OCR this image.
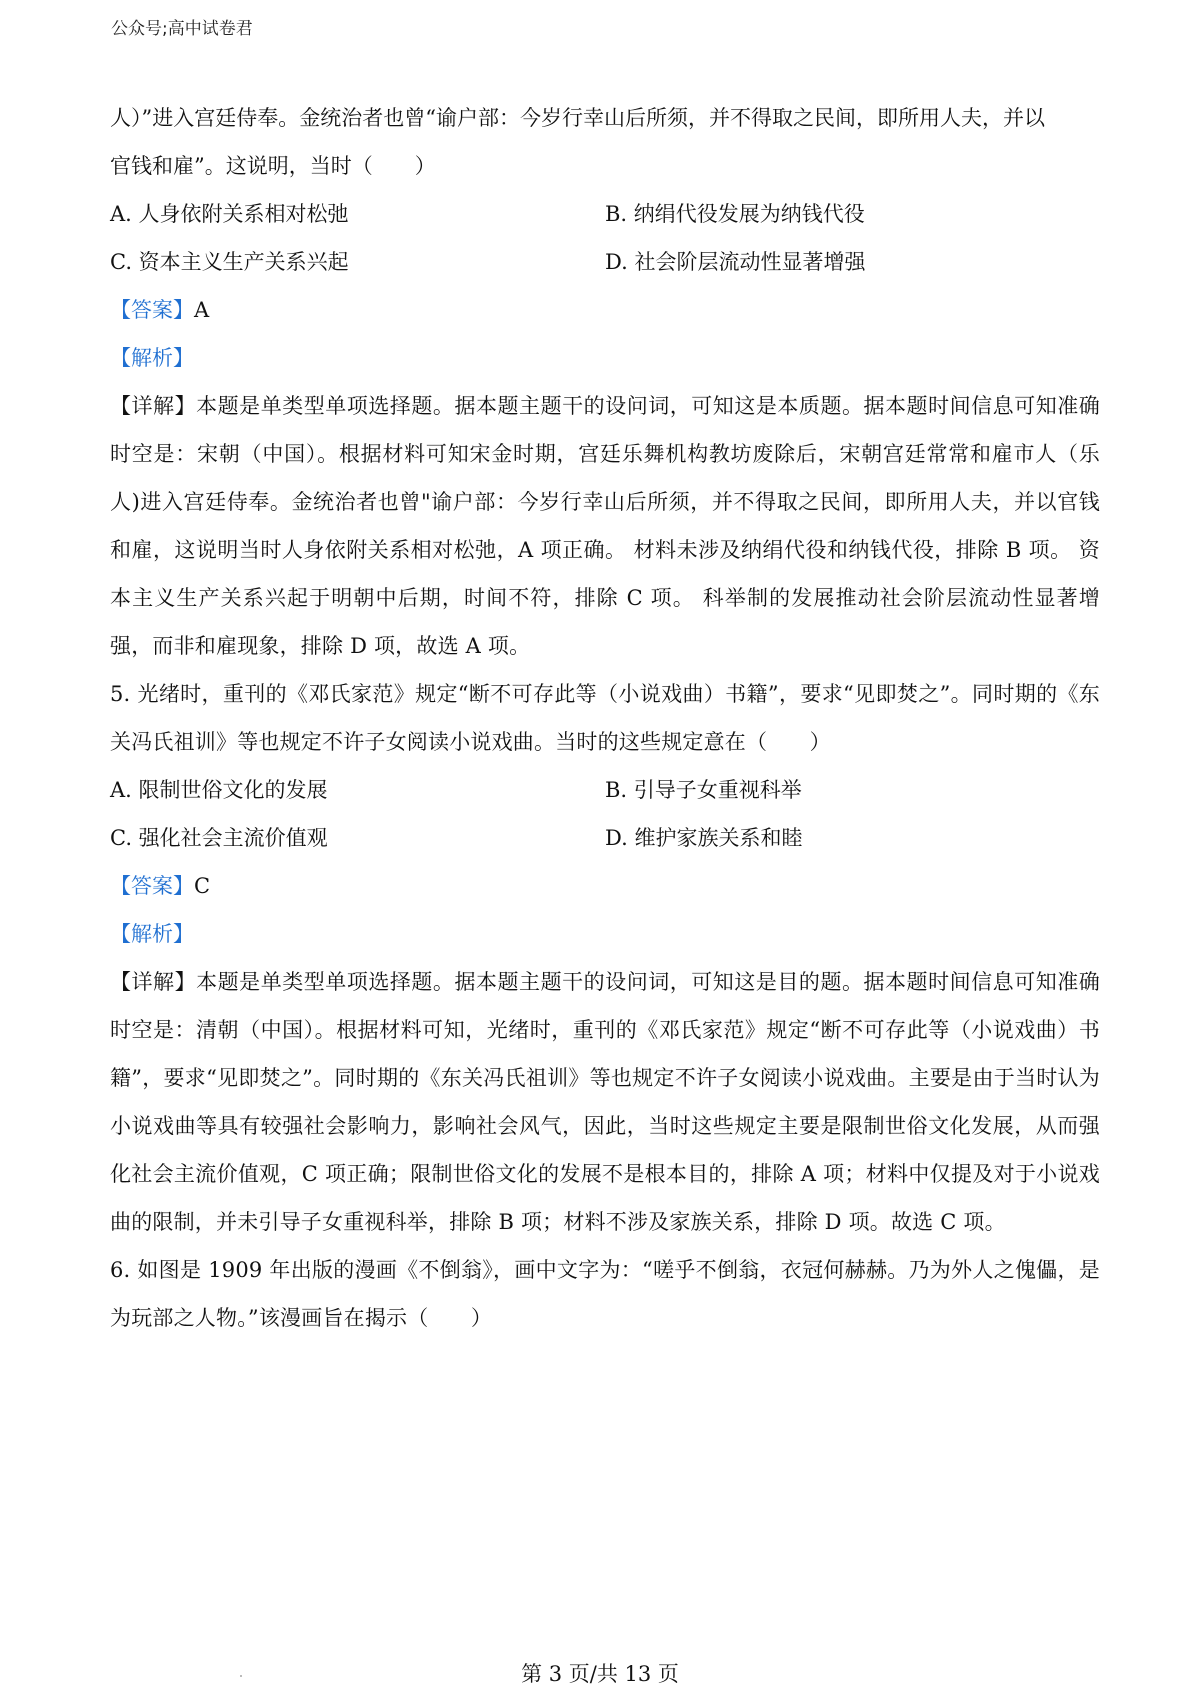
公众号;高中试卷君
人）”进入宫廷侍奉。金统治者也曾“谕户部：今岁行幸山后所须，并不得取之民间，即所用人夫，并以
官钱和雇”。这说明，当时（　　）
A. 人身依附关系相对松弛	B. 纳绢代役发展为纳钱代役
C. 资本主义生产关系兴起	D. 社会阶层流动性显著增强
【答案】A
【解析】
【详解】本题是单类型单项选择题。据本题主题干的设问词，可知这是本质题。据本题时间信息可知准确时空是：宋朝（中国）。根据材料可知宋金时期，宫廷乐舞机构教坊废除后，宋朝宫廷常常和雇市人（乐人)进入宫廷侍奉。金统治者也曾"谕户部：今岁行幸山后所须，并不得取之民间，即所用人夫，并以官钱和雇，这说明当时人身依附关系相对松弛，A 项正确。 材料未涉及纳绢代役和纳钱代役，排除 B 项。 资本主义生产关系兴起于明朝中后期，时间不符，排除 C 项。 科举制的发展推动社会阶层流动性显著增强，而非和雇现象，排除 D 项，故选 A 项。
5. 光绪时，重刊的《邓氏家范》规定“断不可存此等（小说戏曲）书籍”，要求“见即焚之”。同时期的《东关冯氏祖训》等也规定不许子女阅读小说戏曲。当时的这些规定意在（　　）
A. 限制世俗文化的发展	B. 引导子女重视科举
C. 强化社会主流价值观	D. 维护家族关系和睦
【答案】C
【解析】
【详解】本题是单类型单项选择题。据本题主题干的设问词，可知这是目的题。据本题时间信息可知准确时空是：清朝（中国）。根据材料可知，光绪时，重刊的《邓氏家范》规定“断不可存此等（小说戏曲）书籍”，要求“见即焚之”。同时期的《东关冯氏祖训》等也规定不许子女阅读小说戏曲。主要是由于当时认为小说戏曲等具有较强社会影响力，影响社会风气，因此，当时这些规定主要是限制世俗文化发展，从而强化社会主流价值观，C 项正确；限制世俗文化的发展不是根本目的，排除 A 项；材料中仅提及对于小说戏曲的限制，并未引导子女重视科举，排除 B 项；材料不涉及家族关系，排除 D 项。故选 C 项。
6. 如图是 1909 年出版的漫画《不倒翁》，画中文字为：“嗟乎不倒翁，衣冠何赫赫。乃为外人之傀儡，是为玩部之人物。”该漫画旨在揭示（　　）
第 3 页/共 13 页
